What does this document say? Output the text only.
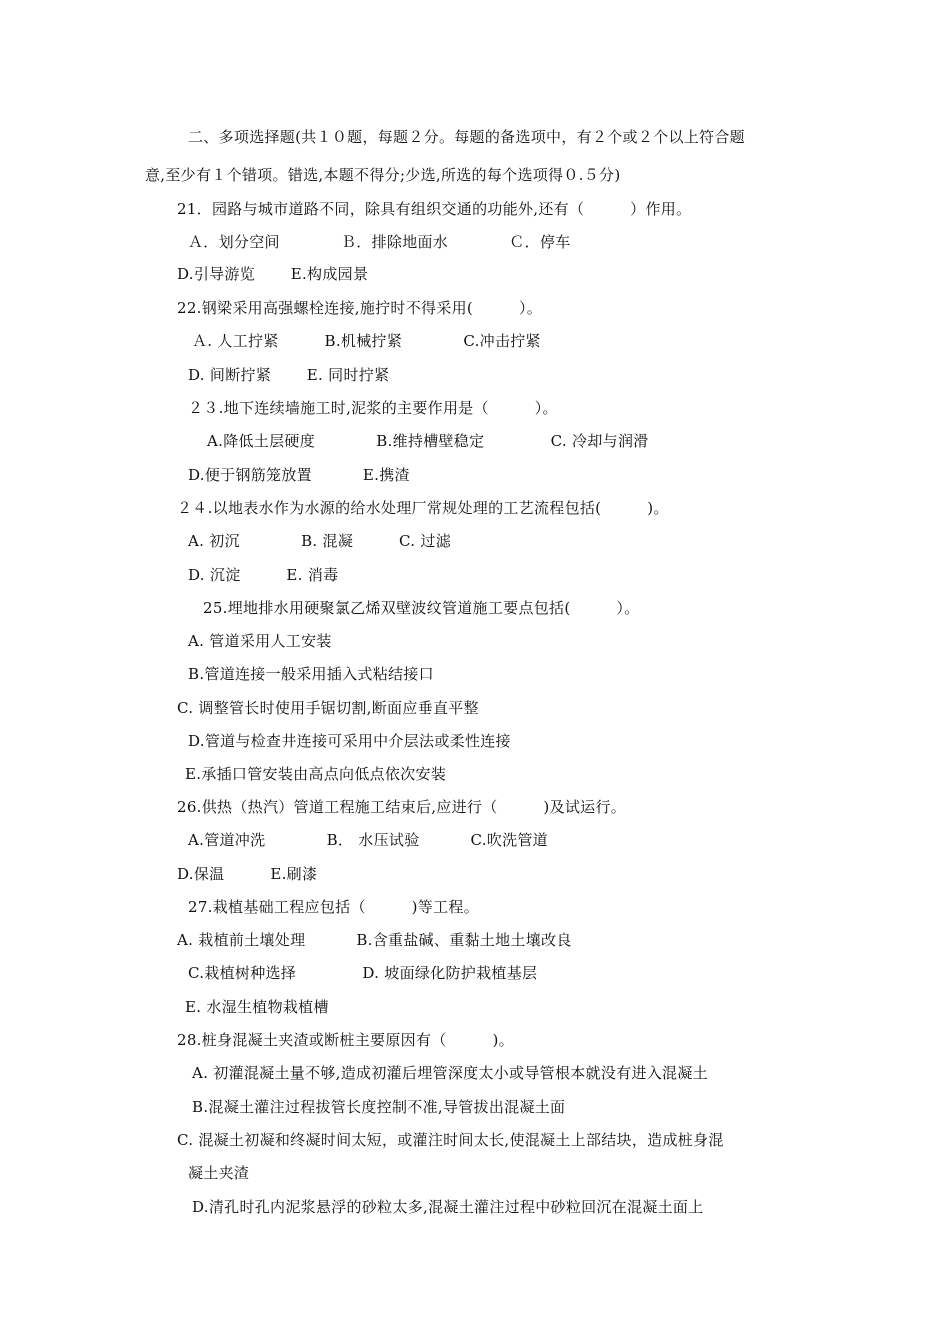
二、多项选择题(共１０题，每题２分。每题的备选项中，有２个或２个以上符合题
意,至少有１个错项。错选,本题不得分;少选,所选的每个选项得０.５分)
21．园路与城市道路不同，除具有组织交通的功能外,还有（　　　）作用。
Ａ．划分空间　　　　Ｂ．排除地面水　　　　Ｃ．停车
D.引导游览　　 E.构成园景
22.钢梁采用高强螺栓连接,施拧时不得采用(　　　）。
Ａ. 人工拧紧　　　B.机械拧紧　　　　C.冲击拧紧
D. 间断拧紧　　 E. 同时拧紧
２３.地下连续墙施工时,泥浆的主要作用是（　　　）。
A.降低土层硬度　　　　B.维持槽壁稳定　　　　 C. 冷却与润滑
D.便于钢筋笼放置　　　 E.携渣
２４.以地表水作为水源的给水处理厂常规处理的工艺流程包括(　　　)。
A. 初沉　　　　B. 混凝　　　C. 过滤
D. 沉淀　　　E. 消毒
25.埋地排水用硬聚氯乙烯双壁波纹管道施工要点包括(　　　）。
A. 管道采用人工安装
B.管道连接一般采用插入式粘结接口
C. 调整管长时使用手锯切割,断面应垂直平整
D.管道与检查井连接可采用中介层法或柔性连接
E.承插口管安装由高点向低点依次安装
26.供热（热汽）管道工程施工结束后,应进行（　　　)及试运行。
A.管道冲洗　　　　B． 水压试验　　　 C.吹洗管道
D.保温　　　E.刷漆
27.栽植基础工程应包括（　　　)等工程。
A. 栽植前土壤处理　　　 B.含重盐碱、重黏土地土壤改良
C.栽植树种选择　　　　 D. 坡面绿化防护栽植基层
E. 水湿生植物栽植槽
28.桩身混凝土夹渣或断桩主要原因有（　　　)。
A. 初灌混凝土量不够,造成初灌后埋管深度太小或导管根本就没有进入混凝土
B.混凝土灌注过程拔管长度控制不准,导管拔出混凝土面
C. 混凝土初凝和终凝时间太短，或灌注时间太长,使混凝土上部结块，造成桩身混
凝土夹渣
D.清孔时孔内泥浆悬浮的砂粒太多,混凝土灌注过程中砂粒回沉在混凝土面上
